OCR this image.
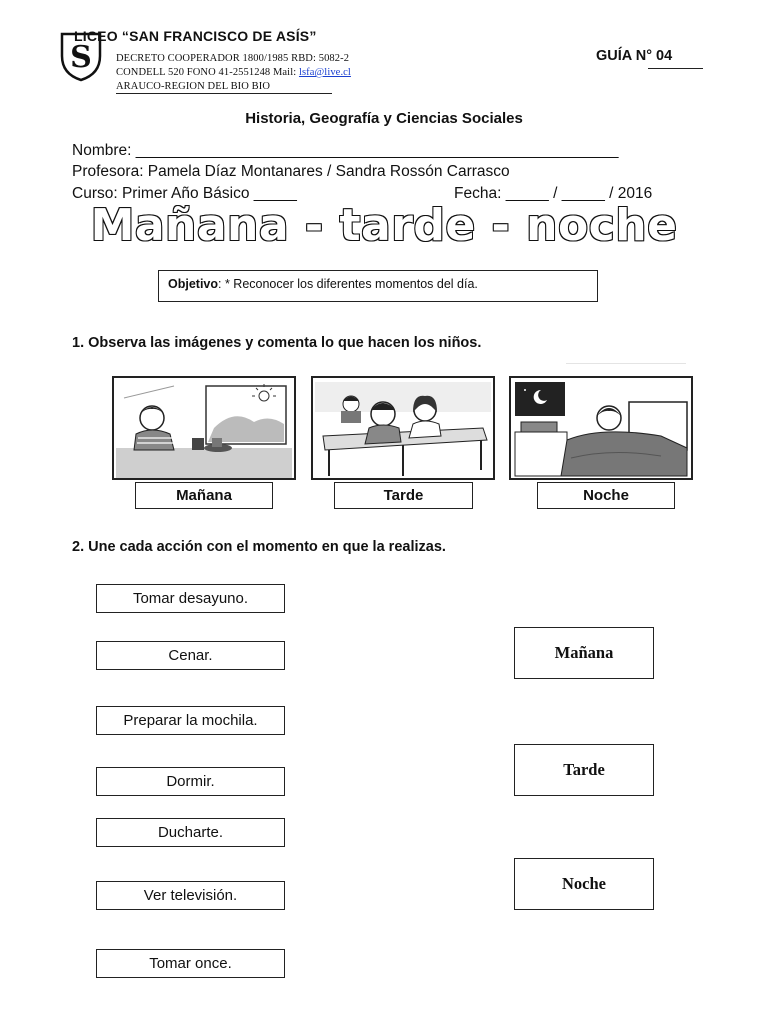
S
LICEO “SAN FRANCISCO DE ASÍS”
DECRETO COOPERADOR 1800/1985 RBD: 5082-2
CONDELL 520 FONO 41-2551248 Mail: lsfa@live.cl
ARAUCO-REGION DEL BIO BIO
GUÍA N° 04
Historia, Geografía y Ciencias Sociales
Nombre: ________________________________________________________
Profesora: Pamela Díaz Montanares / Sandra Rossón Carrasco
Curso: Primer Año Básico _____	Fecha: _____ / _____ / 2016
Mañana - tarde - noche
Objetivo: * Reconocer los diferentes momentos del día.
1. Observa las imágenes y comenta lo que hacen los niños.
Mañana	Tarde	Noche
2. Une cada acción con el momento en que la realizas.
Tomar desayuno.
Cenar.
Preparar la mochila.
Dormir.
Ducharte.
Ver televisión.
Tomar once.
Mañana
Tarde
Noche
